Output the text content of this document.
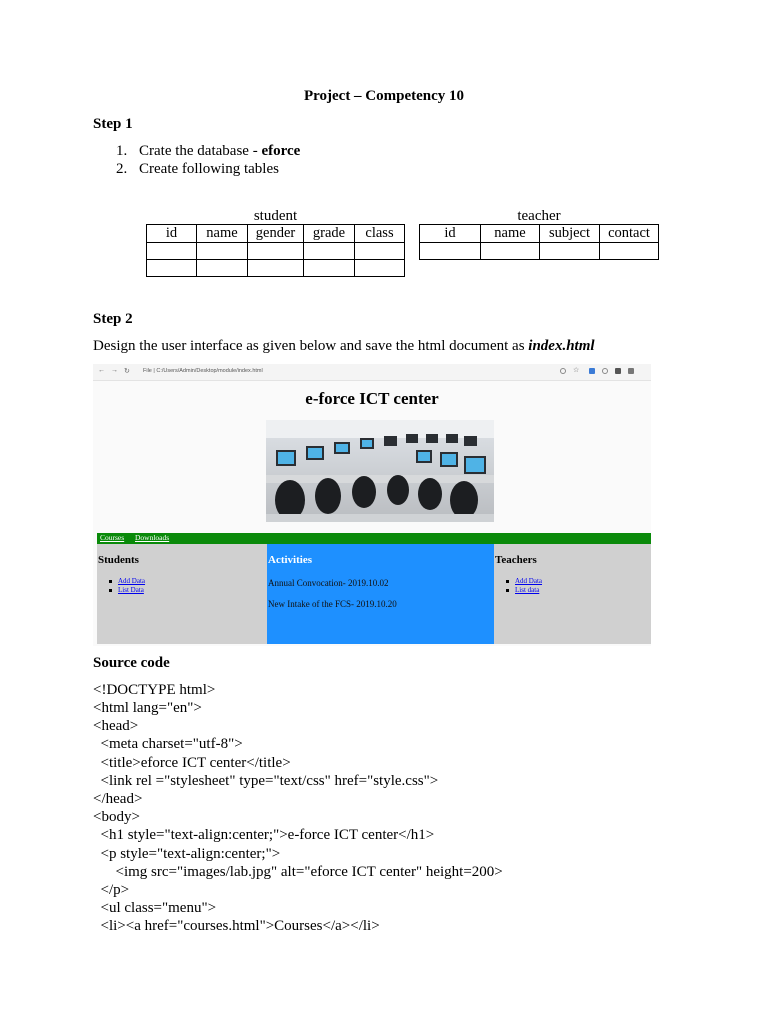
Project – Competency 10
Step 1
1. Crate the database - eforce
2. Create following tables
student
id	name	gender	grade	class

teacher
id	name	subject	contact

Step 2
Design the user interface as given below and save the html document as index.html
← → ↻ File | C:/Users/Admin/Desktop/module/index.html	☆
e-force ICT center
Courses Downloads
Students
Add Data
List Data
Activities

Annual Convocation- 2019.10.02

New Intake of the FCS- 2019.10.20

Teachers
Add Data
List data
Source code
<!DOCTYPE html>
<html lang="en">
<head>
<meta charset="utf-8">
<title>eforce ICT center</title>
<link rel ="stylesheet" type="text/css" href="style.css">
</head>
<body>
<h1 style="text-align:center;">e-force ICT center</h1>
<p style="text-align:center;">
<img src="images/lab.jpg" alt="eforce ICT center" height=200>
</p>
<ul class="menu">
<li><a href="courses.html">Courses</a></li>
